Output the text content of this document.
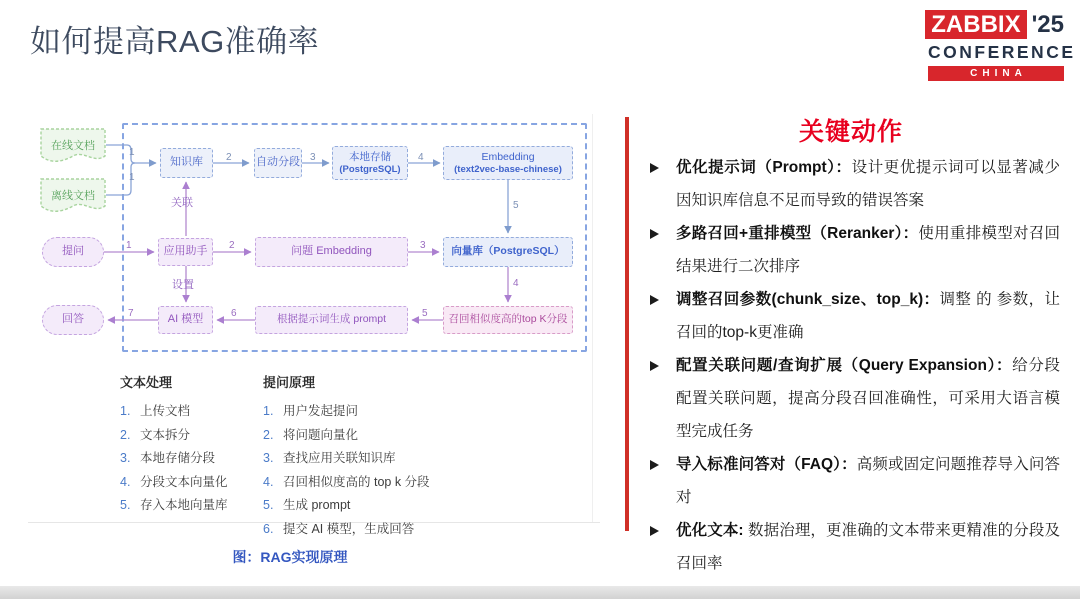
如何提高RAG准确率	ZABBIX '25
CONFERENCE
CHINA
在线文档
离线文档
知识库	自动分段	本地存储
(PostgreSQL)
Embedding
(text2vec-base-chinese)
提问	应用助手	问题 Embedding	向量库（PostgreSQL）
回答	AI 模型	根据提示词生成 prompt	召回相似度高的top K分段
1
1
2	3	4
5
1	2	3
4
5
6
7
关联
设置
文本处理
1. 上传文档
2. 文本拆分
3. 本地存储分段
4. 分段文本向量化
5. 存入本地向量库
提问原理
1. 用户发起提问
2. 将问题向量化
3. 查找应用关联知识库
4. 召回相似度高的 top k 分段
5. 生成 prompt
6. 提交 AI 模型，生成回答
图：RAG实现原理
关键动作
优化提示词（Prompt）：设计更优提示词可以显著减少因知识库信息不足而导致的错误答案
多路召回+重排模型（Reranker）：使用重排模型对召回结果进行二次排序
调整召回参数(chunk_size、top_k)：调整 的 参数，让召回的top-k更准确
配置关联问题/查询扩展（Query Expansion）：给分段配置关联问题，提高分段召回准确性，可采用大语言模型完成任务
导入标准问答对（FAQ）：高频或固定问题推荐导入问答对
优化文本: 数据治理，更准确的文本带来更精准的分段及召回率
